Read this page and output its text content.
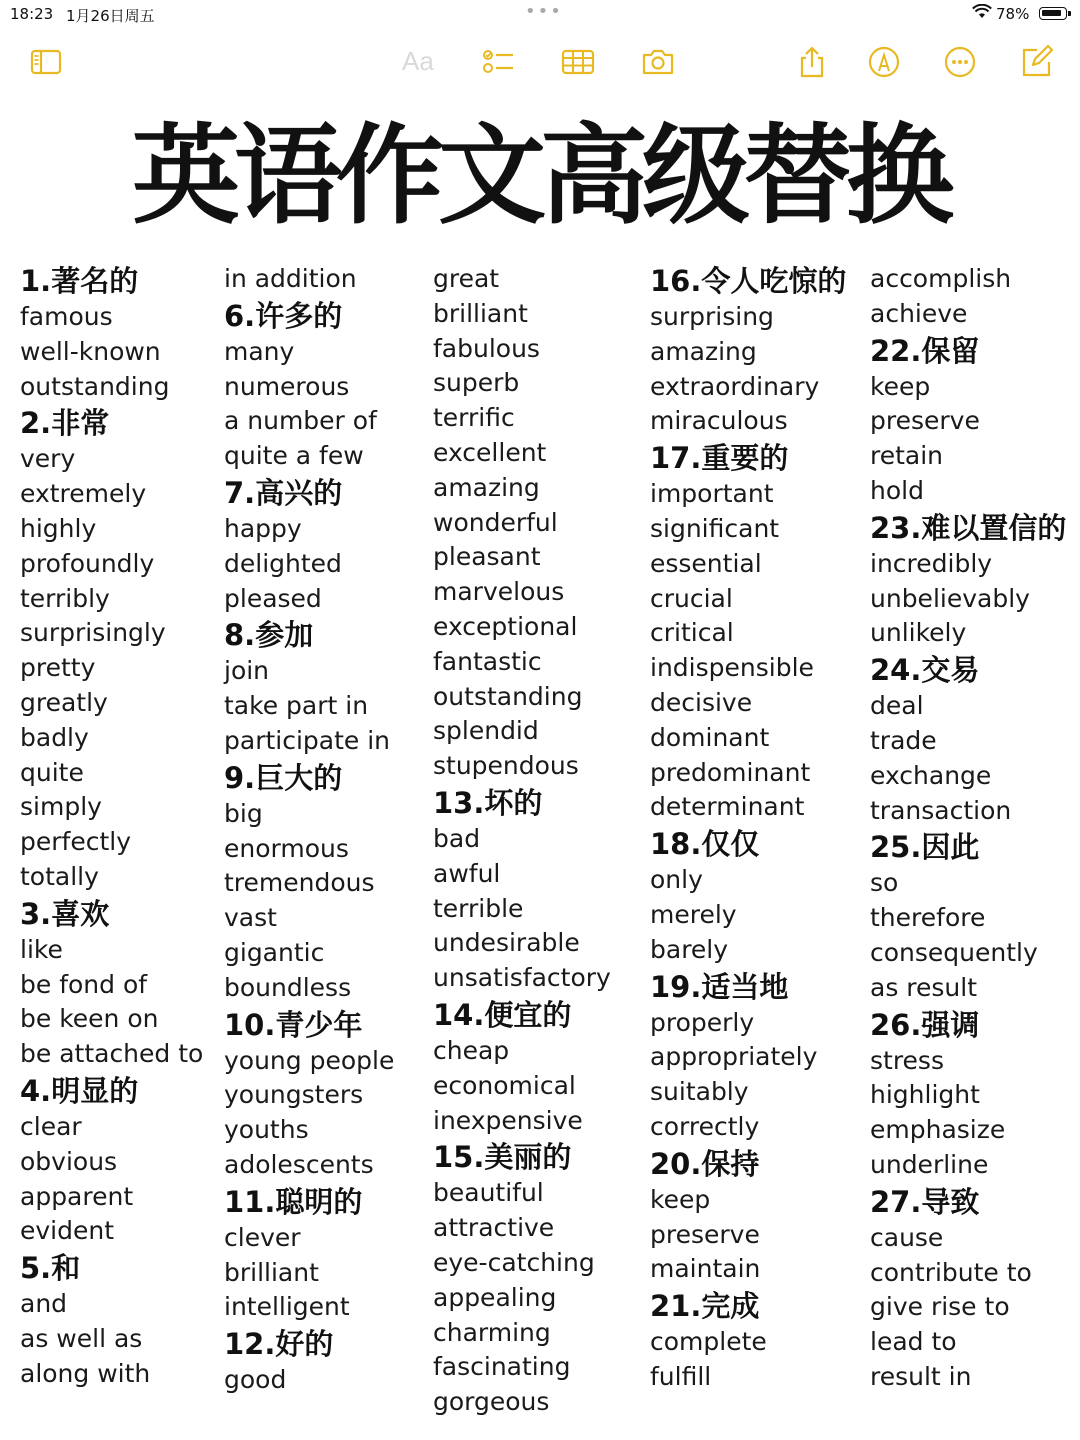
18:23 1月26日周五	•••	78%
Aa
英语作文高级替换
1.著名的
famous
well-known
outstanding
2.非常
very
extremely
highly
profoundly
terribly
surprisingly
pretty
greatly
badly
quite
simply
perfectly
totally
3.喜欢
like
be fond of
be keen on
be attached to
4.明显的
clear
obvious
apparent
evident
5.和
and
as well as
along with
in addition
6.许多的
many
numerous
a number of
quite a few
7.高兴的
happy
delighted
pleased
8.参加
join
take part in
participate in
9.巨大的
big
enormous
tremendous
vast
gigantic
boundless
10.青少年
young people
youngsters
youths
adolescents
11.聪明的
clever
brilliant
intelligent
12.好的
good
great
brilliant
fabulous
superb
terrific
excellent
amazing
wonderful
pleasant
marvelous
exceptional
fantastic
outstanding
splendid
stupendous
13.坏的
bad
awful
terrible
undesirable
unsatisfactory
14.便宜的
cheap
economical
inexpensive
15.美丽的
beautiful
attractive
eye-catching
appealing
charming
fascinating
gorgeous
16.令人吃惊的
surprising
amazing
extraordinary
miraculous
17.重要的
important
significant
essential
crucial
critical
indispensible
decisive
dominant
predominant
determinant
18.仅仅
only
merely
barely
19.适当地
properly
appropriately
suitably
correctly
20.保持
keep
preserve
maintain
21.完成
complete
fulfill
accomplish
achieve
22.保留
keep
preserve
retain
hold
23.难以置信的
incredibly
unbelievably
unlikely
24.交易
deal
trade
exchange
transaction
25.因此
so
therefore
consequently
as result
26.强调
stress
highlight
emphasize
underline
27.导致
cause
contribute to
give rise to
lead to
result in
